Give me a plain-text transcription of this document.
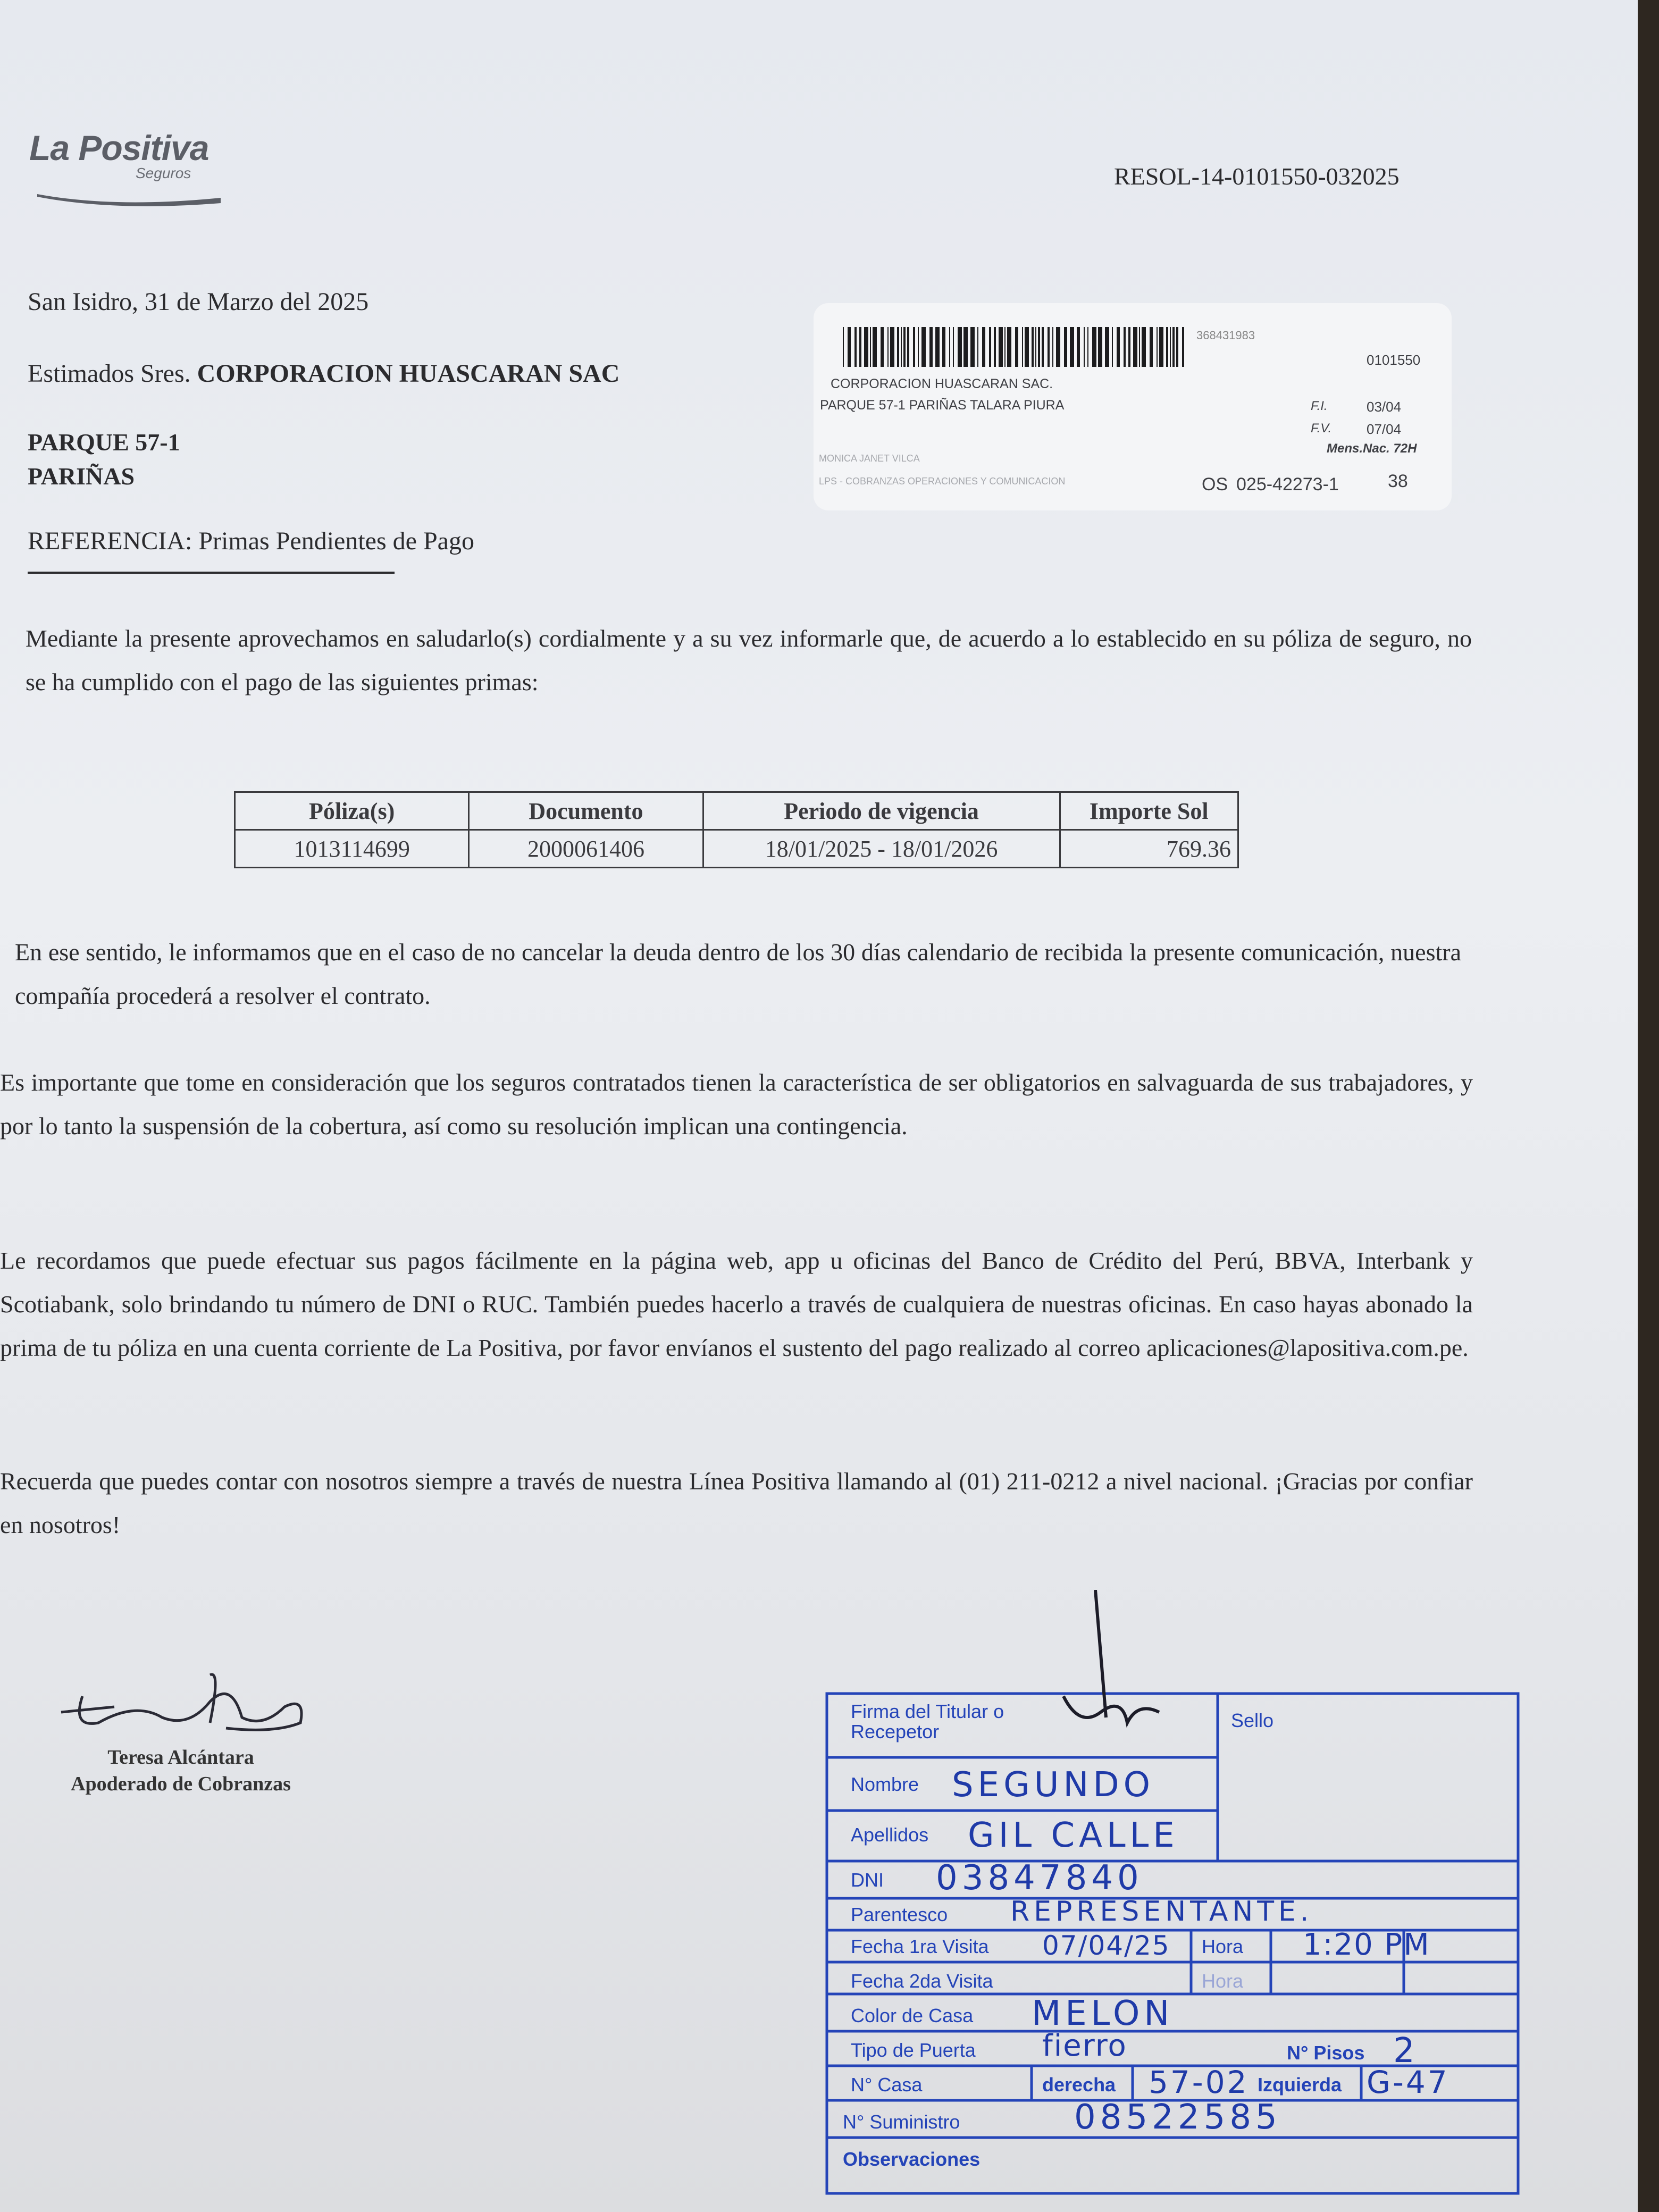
La Positiva
Seguros	RESOL-14-0101550-032025
San Isidro, 31 de Marzo del 2025
Estimados Sres. CORPORACION HUASCARAN SAC
PARQUE 57-1
PARIÑAS
REFERENCIA: Primas Pendientes de Pago
368431983
0101550
CORPORACION HUASCARAN SAC.
PARQUE 57-1 PARIÑAS TALARA PIURA	F.I.	03/04
F.V.	07/04
Mens.Nac. 72H
MONICA JANET VILCA
LPS - COBRANZAS OPERACIONES Y COMUNICACION	OS 025-42273-1	38
Mediante la presente aprovechamos en saludarlo(s) cordialmente y a su vez informarle que, de acuerdo a lo establecido en su póliza de seguro, no se ha cumplido con el pago de las siguientes primas:
Póliza(s)	Documento	Periodo de vigencia	Importe Sol
1013114699	2000061406	18/01/2025 - 18/01/2026	769.36
En ese sentido, le informamos que en el caso de no cancelar la deuda dentro de los 30 días calendario de recibida la presente comunicación, nuestra compañía procederá a resolver el contrato.
Es importante que tome en consideración que los seguros contratados tienen la característica de ser obligatorios en salvaguarda de sus trabajadores, y por lo tanto la suspensión de la cobertura, así como su resolución implican una contingencia.
Le recordamos que puede efectuar sus pagos fácilmente en la página web, app u oficinas del Banco de Crédito del Perú, BBVA, Interbank y Scotiabank, solo brindando tu número de DNI o RUC. También puedes hacerlo a través de cualquiera de nuestras oficinas. En caso hayas abonado la prima de tu póliza en una cuenta corriente de La Positiva, por favor envíanos el sustento del pago realizado al correo aplicaciones@lapositiva.com.pe.
Recuerda que puedes contar con nosotros siempre a través de nuestra Línea Positiva llamando al (01) 211-0212 a nivel nacional. ¡Gracias por confiar en nosotros!
Teresa Alcántara
Apoderado de Cobranzas
Firma del Titular o Recepetor
Sello
Nombre SEGUNDO
Apellidos GIL CALLE
DNI 03847840
Parentesco REPRESENTANTE.
Fecha 1ra Visita 07/04/25 Hora 1:20 PM
Fecha 2da Visita	Hora
Color de Casa MELON
Tipo de Puerta fierro	N° Pisos 2
N° Casa	derecha 57-02 Izquierda G-47
N° Suministro	08522585
Observaciones
